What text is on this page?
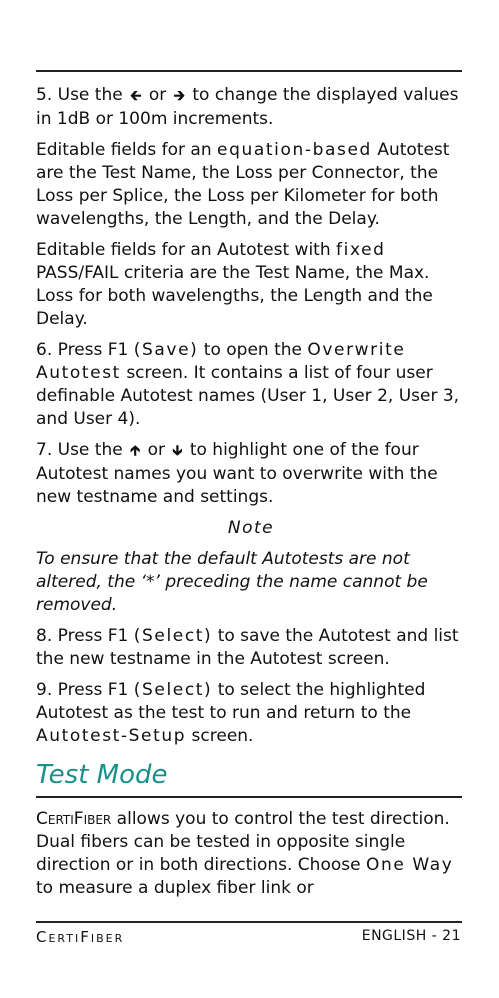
5. Use the 🡰 or 🡲 to change the displayed values in 1dB or 100m increments.

Editable fields for an equation-based Autotest are the Test Name, the Loss per Connector, the Loss per Splice, the Loss per Kilometer for both wavelengths, the Length, and the Delay.

Editable fields for an Autotest with fixed PASS/FAIL criteria are the Test Name, the Max. Loss for both wavelengths, the Length and the Delay.

6. Press F1 (Save) to open the Overwrite Autotest screen. It contains a list of four user definable Autotest names (User 1, User 2, User 3, and User 4).

7. Use the 🡱 or 🡳 to highlight one of the four Autotest names you want to overwrite with the new testname and settings.

Note

To ensure that the default Autotests are not altered, the ‘*’ preceding the name cannot be removed.

8. Press F1 (Select) to save the Autotest and list the new testname in the Autotest screen.

9. Press F1 (Select) to select the highlighted Autotest as the test to run and return to the Autotest-Setup screen.

Test Mode

CertiFiber allows you to control the test direction. Dual fibers can be tested in opposite single direction or in both directions. Choose One Way to measure a duplex fiber link or

CertiFiber	ENGLISH - 21
